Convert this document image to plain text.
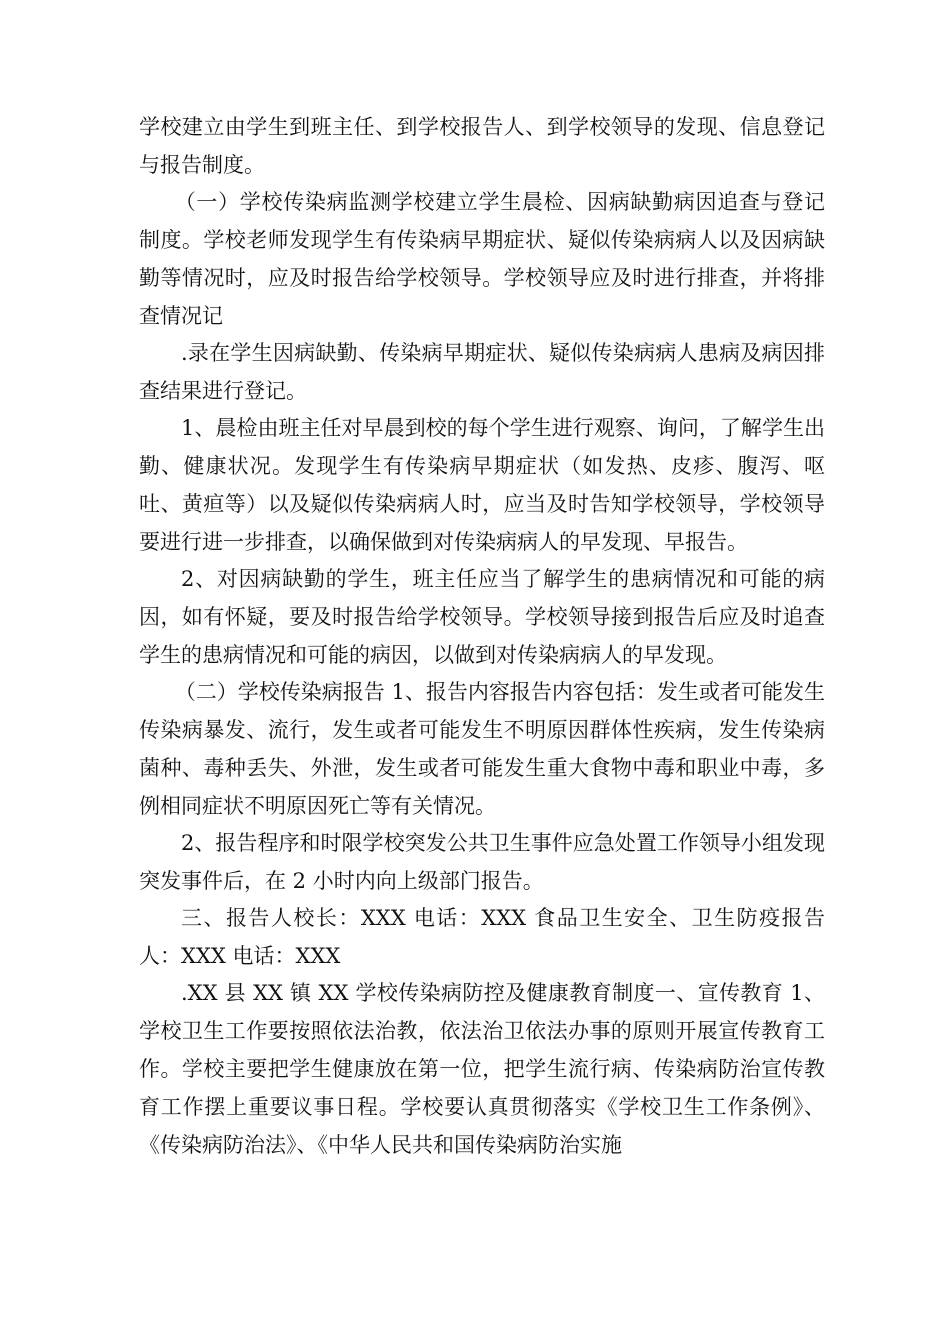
学校建立由学生到班主任、到学校报告人、到学校领导的发现、信息登记与报告制度。

（一）学校传染病监测学校建立学生晨检、因病缺勤病因追查与登记制度。学校老师发现学生有传染病早期症状、疑似传染病病人以及因病缺勤等情况时，应及时报告给学校领导。学校领导应及时进行排查，并将排查情况记

.录在学生因病缺勤、传染病早期症状、疑似传染病病人患病及病因排查结果进行登记。

1、晨检由班主任对早晨到校的每个学生进行观察、询问，了解学生出勤、健康状况。发现学生有传染病早期症状（如发热、皮疹、腹泻、呕吐、黄疸等）以及疑似传染病病人时，应当及时告知学校领导，学校领导要进行进一步排查，以确保做到对传染病病人的早发现、早报告。

2、对因病缺勤的学生，班主任应当了解学生的患病情况和可能的病因，如有怀疑，要及时报告给学校领导。学校领导接到报告后应及时追查学生的患病情况和可能的病因，以做到对传染病病人的早发现。

（二）学校传染病报告 1、报告内容报告内容包括：发生或者可能发生传染病暴发、流行，发生或者可能发生不明原因群体性疾病，发生传染病菌种、毒种丢失、外泄，发生或者可能发生重大食物中毒和职业中毒，多例相同症状不明原因死亡等有关情况。

2、报告程序和时限学校突发公共卫生事件应急处置工作领导小组发现突发事件后，在 2 小时内向上级部门报告。

三、报告人校长：XXX 电话：XXX 食品卫生安全、卫生防疫报告人：XXX 电话：XXX

.XX 县 XX 镇 XX 学校传染病防控及健康教育制度一、宣传教育 1、学校卫生工作要按照依法治教，依法治卫依法办事的原则开展宣传教育工作。学校主要把学生健康放在第一位，把学生流行病、传染病防治宣传教育工作摆上重要议事日程。学校要认真贯彻落实《学校卫生工作条例》、《传染病防治法》、《中华人民共和国传染病防治实施
